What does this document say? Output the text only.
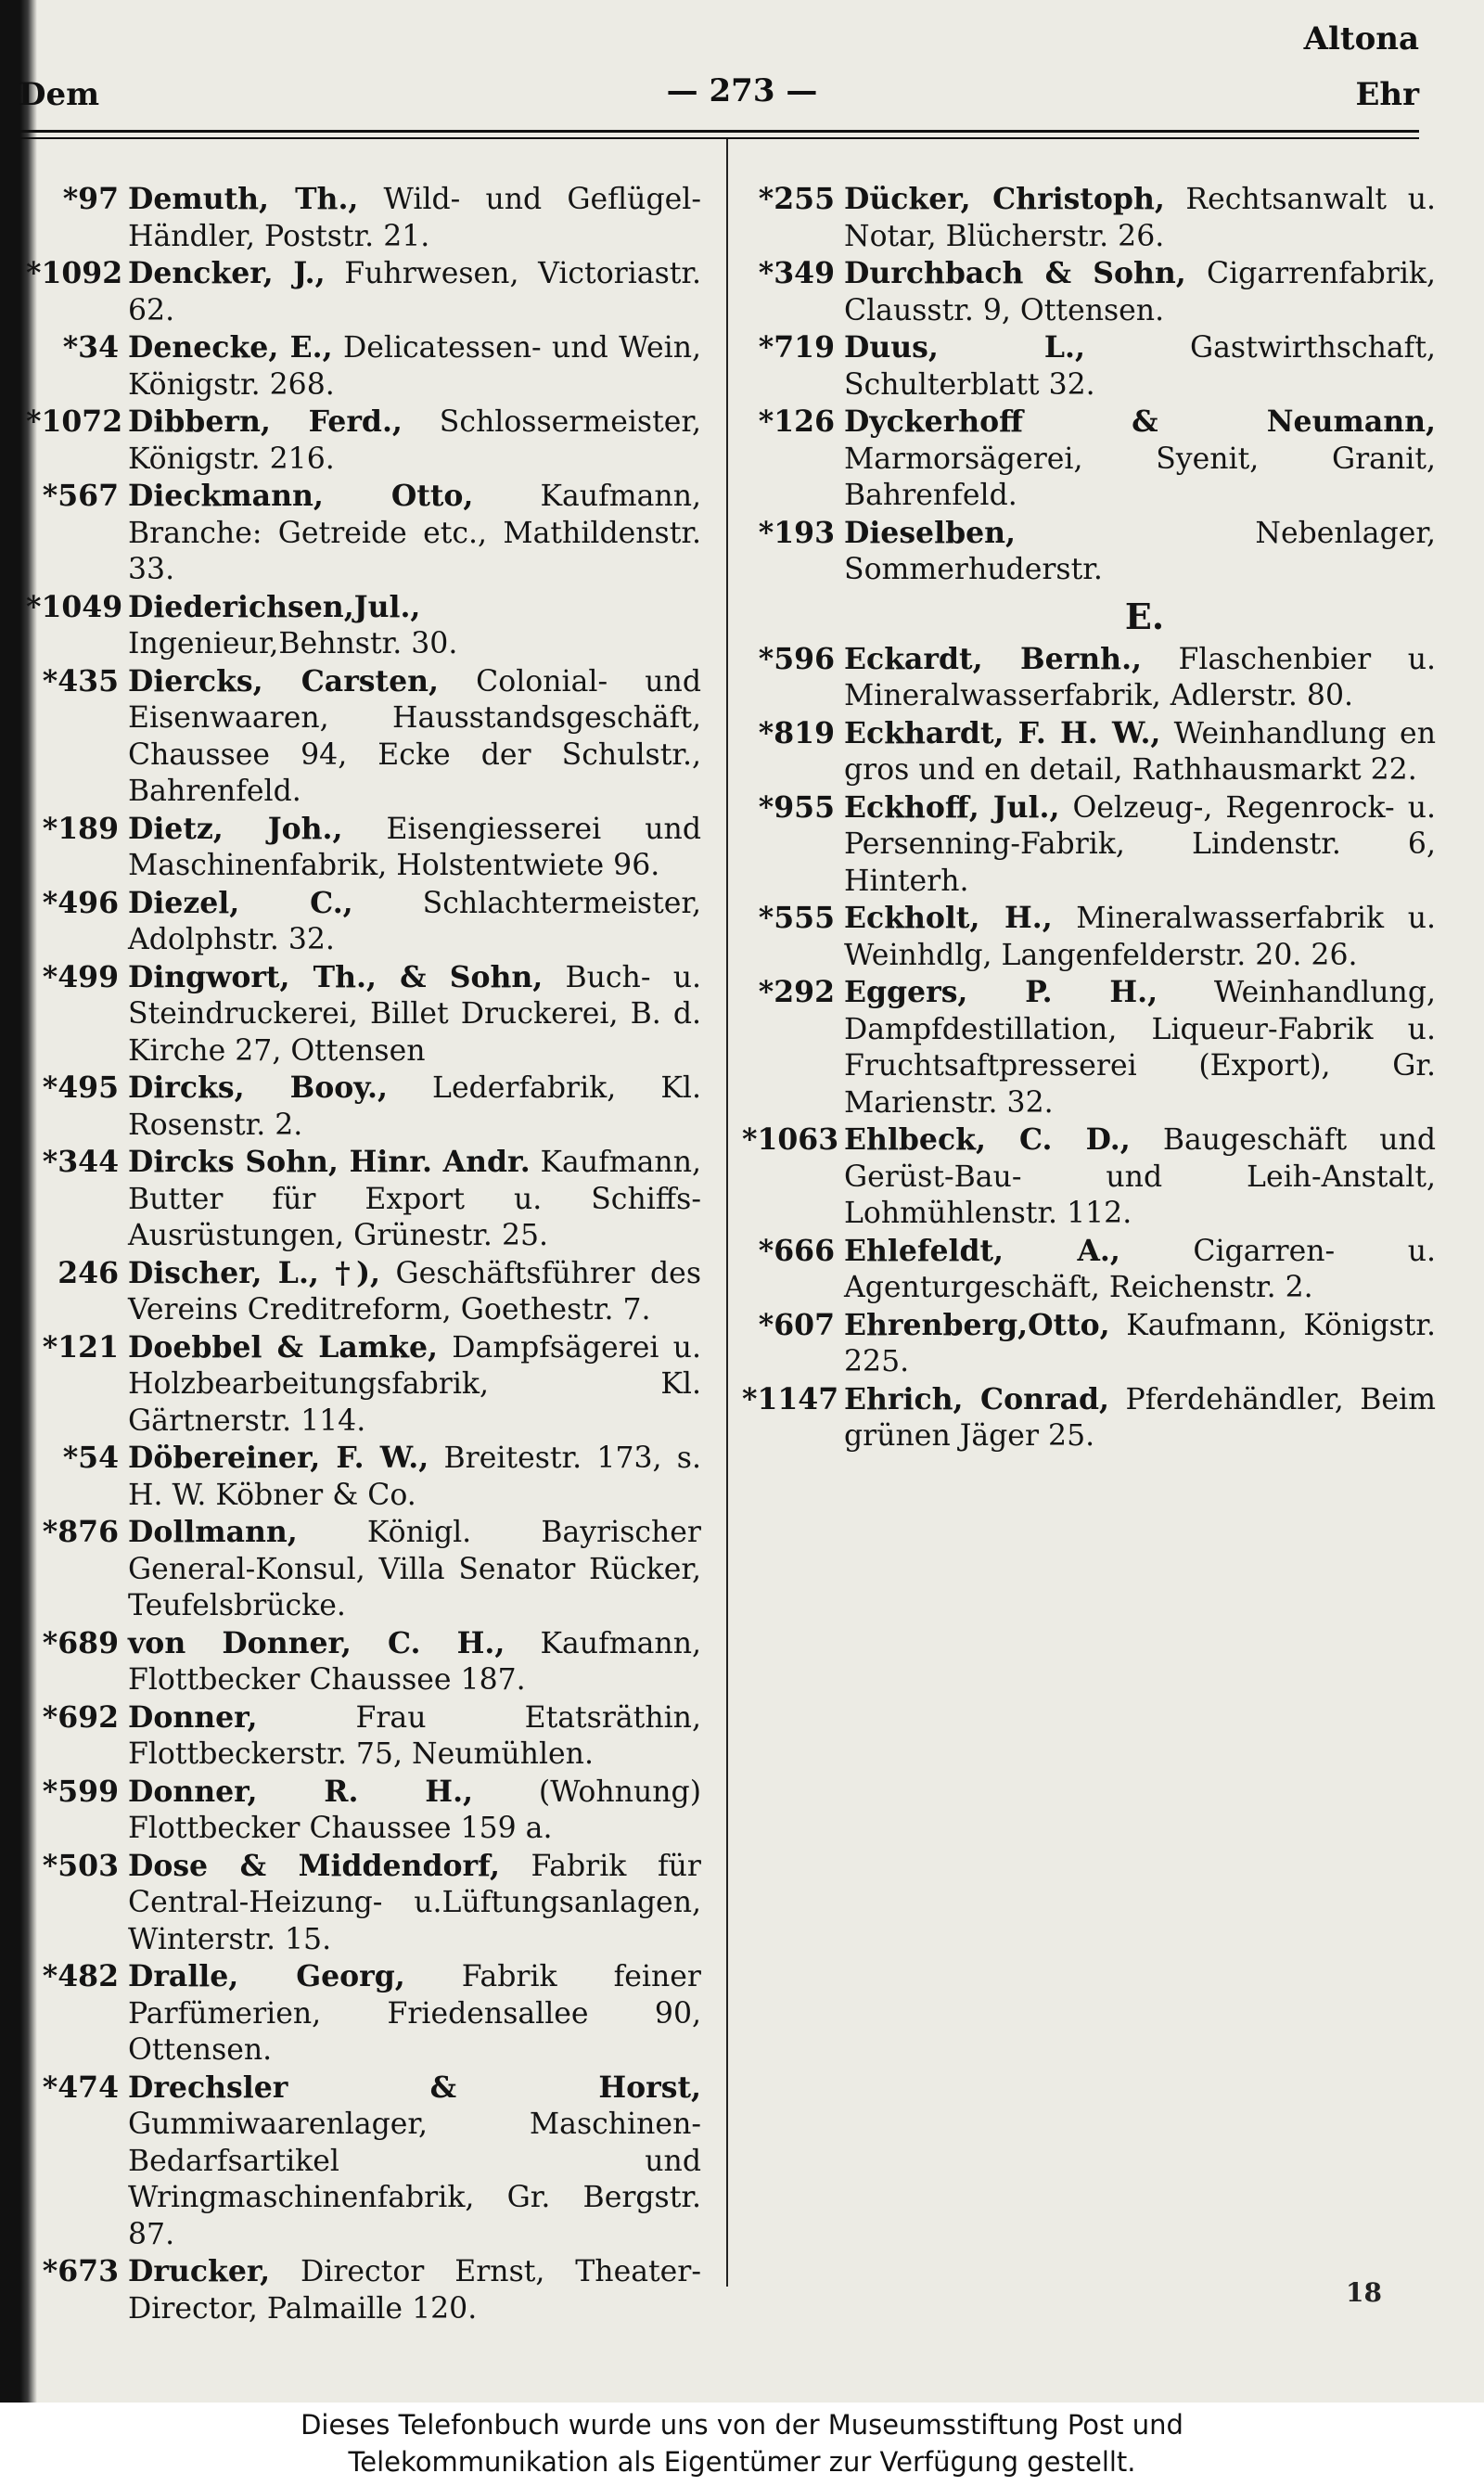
Altona
Dem	— 273 —	Ehr
*97 Demuth, Th., Wild- und Geflügel-Händler, Poststr. 21.
*1092 Dencker, J., Fuhrwesen, Victoriastr. 62.
*34 Denecke, E., Delicatessen- und Wein, Königstr. 268.
*1072 Dibbern, Ferd., Schlossermeister, Königstr. 216.
*567 Dieckmann, Otto, Kaufmann, Branche: Getreide etc., Mathildenstr. 33.
*1049 Diederichsen,Jul., Ingenieur,Behnstr. 30.
*435 Diercks, Carsten, Colonial- und Eisenwaaren, Hausstandsgeschäft, Chaussee 94, Ecke der Schulstr., Bahrenfeld.
*189 Dietz, Joh., Eisengiesserei und Maschinenfabrik, Holstentwiete 96.
*496 Diezel, C., Schlachtermeister, Adolphstr. 32.
*499 Dingwort, Th., & Sohn, Buch- u. Steindruckerei, Billet Druckerei, B. d. Kirche 27, Ottensen
*495 Dircks, Booy., Lederfabrik, Kl. Rosenstr. 2.
*344 Dircks Sohn, Hinr. Andr. Kaufmann, Butter für Export u. Schiffs-Ausrüstungen, Grünestr. 25.
246 Discher, L., †), Geschäftsführer des Vereins Creditreform, Goethestr. 7.
*121 Doebbel & Lamke, Dampfsägerei u. Holzbearbeitungsfabrik, Kl. Gärtnerstr. 114.
*54 Döbereiner, F. W., Breitestr. 173, s. H. W. Köbner & Co.
*876 Dollmann, Königl. Bayrischer General-Konsul, Villa Senator Rücker, Teufelsbrücke.
*689 von Donner, C. H., Kaufmann, Flottbecker Chaussee 187.
*692 Donner, Frau Etatsräthin, Flottbeckerstr. 75, Neumühlen.
*599 Donner, R. H., (Wohnung) Flottbecker Chaussee 159 a.
*503 Dose & Middendorf, Fabrik für Central-Heizung- u.Lüftungsanlagen, Winterstr. 15.
*482 Dralle, Georg, Fabrik feiner Parfümerien, Friedensallee 90, Ottensen.
*474 Drechsler & Horst, Gummiwaarenlager, Maschinen-Bedarfsartikel und Wringmaschinenfabrik, Gr. Bergstr. 87.
*673 Drucker, Director Ernst, Theater-Director, Palmaille 120.
*255 Dücker, Christoph, Rechtsanwalt u. Notar, Blücherstr. 26.
*349 Durchbach & Sohn, Cigarrenfabrik, Clausstr. 9, Ottensen.
*719 Duus, L., Gastwirthschaft, Schulterblatt 32.
*126 Dyckerhoff & Neumann, Marmorsägerei, Syenit, Granit, Bahrenfeld.
*193 Dieselben, Nebenlager, Sommerhuderstr.
E.
*596 Eckardt, Bernh., Flaschenbier u. Mineralwasserfabrik, Adlerstr. 80.
*819 Eckhardt, F. H. W., Weinhandlung en gros und en detail, Rathhausmarkt 22.
*955 Eckhoff, Jul., Oelzeug-, Regenrock- u. Persenning-Fabrik, Lindenstr. 6, Hinterh.
*555 Eckholt, H., Mineralwasserfabrik u. Weinhdlg, Langenfelderstr. 20. 26.
*292 Eggers, P. H., Weinhandlung, Dampfdestillation, Liqueur-Fabrik u. Fruchtsaftpresserei (Export), Gr. Marienstr. 32.
*1063 Ehlbeck, C. D., Baugeschäft und Gerüst-Bau- und Leih-Anstalt, Lohmühlenstr. 112.
*666 Ehlefeldt, A., Cigarren- u. Agenturgeschäft, Reichenstr. 2.
*607 Ehrenberg,Otto, Kaufmann, Königstr. 225.
*1147 Ehrich, Conrad, Pferdehändler, Beim grünen Jäger 25.
18
Dieses Telefonbuch wurde uns von der Museumsstiftung Post und
Telekommunikation als Eigentümer zur Verfügung gestellt.
